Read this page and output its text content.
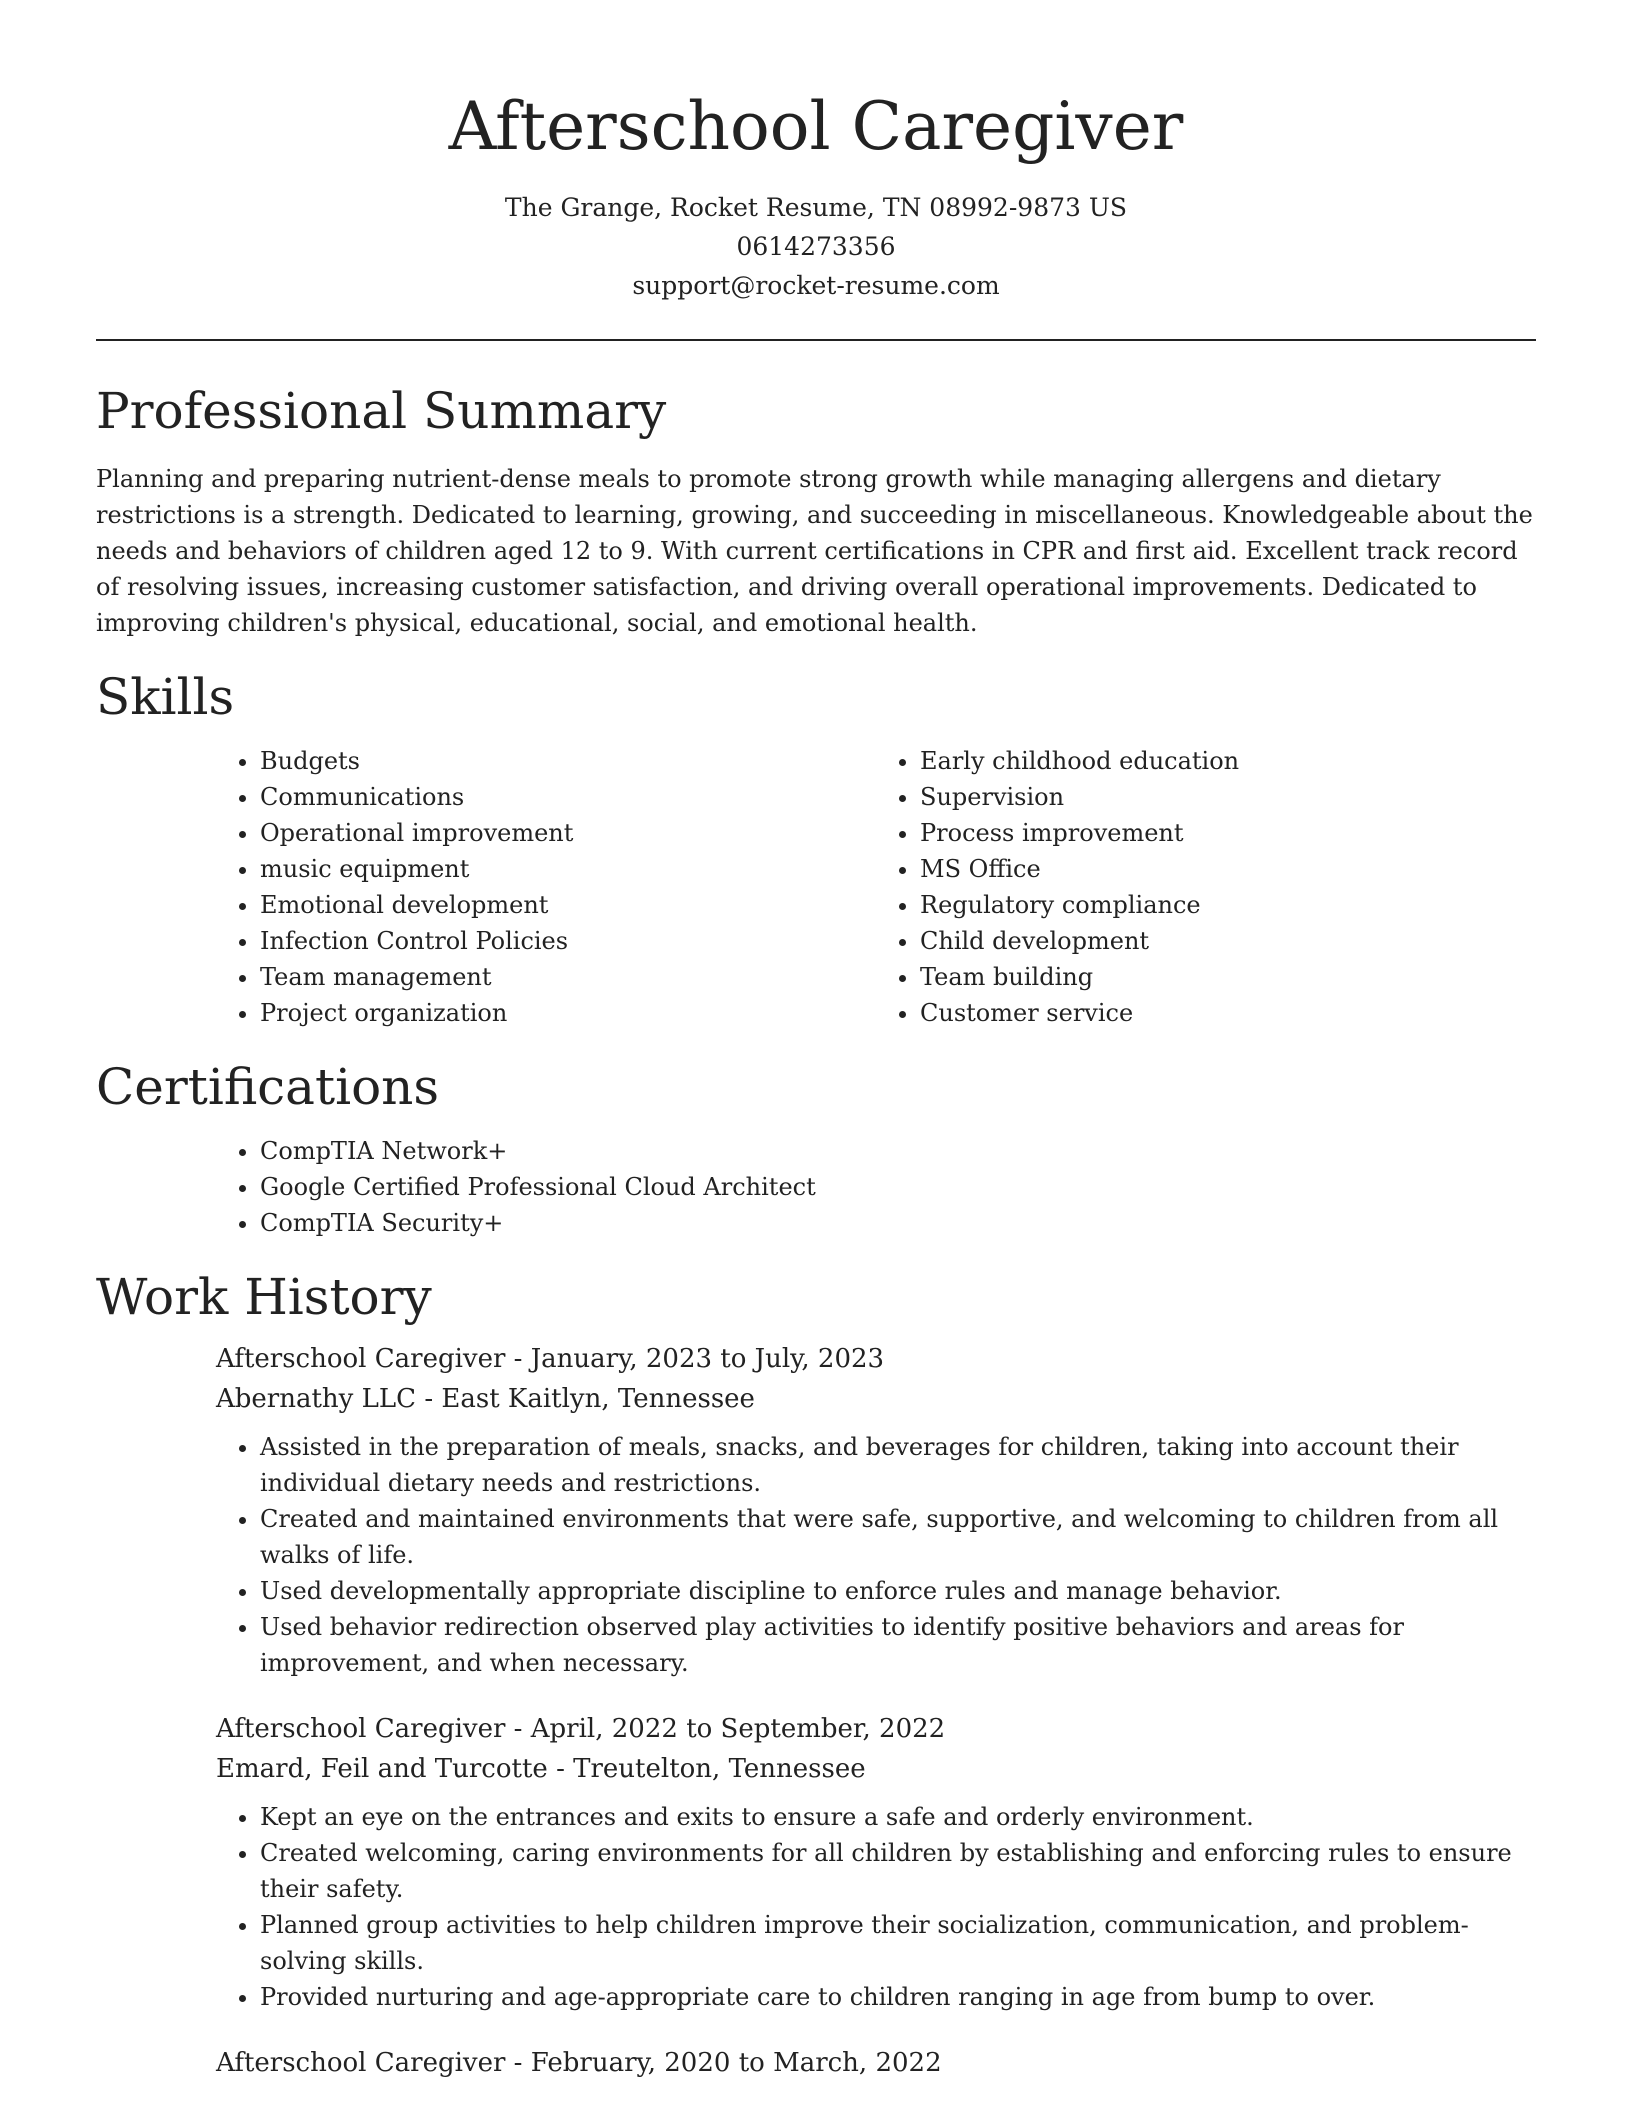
Afterschool Caregiver
The Grange, Rocket Resume, TN 08992-9873 US
0614273356
support@rocket-resume.com
Professional Summary

Planning and preparing nutrient-dense meals to promote strong growth while managing allergens and dietary restrictions is a strength. Dedicated to learning, growing, and succeeding in miscellaneous. Knowledgeable about the needs and behaviors of children aged 12 to 9. With current certifications in CPR and first aid. Excellent track record of resolving issues, increasing customer satisfaction, and driving overall operational improvements. Dedicated to improving children's physical, educational, social, and emotional health.

Skills
• Budgets
• Communications
• Operational improvement
• music equipment
• Emotional development
• Infection Control Policies
• Team management
• Project organization
• Early childhood education
• Supervision
• Process improvement
• MS Office
• Regulatory compliance
• Child development
• Team building
• Customer service
Certifications
• CompTIA Network+
• Google Certified Professional Cloud Architect
• CompTIA Security+
Work History
Afterschool Caregiver - January, 2023 to July, 2023
Abernathy LLC - East Kaitlyn, Tennessee
• Assisted in the preparation of meals, snacks, and beverages for children, taking into account their individual dietary needs and restrictions.
• Created and maintained environments that were safe, supportive, and welcoming to children from all walks of life.
• Used developmentally appropriate discipline to enforce rules and manage behavior.
• Used behavior redirection observed play activities to identify positive behaviors and areas for improvement, and when necessary.
Afterschool Caregiver - April, 2022 to September, 2022
Emard, Feil and Turcotte - Treutelton, Tennessee
• Kept an eye on the entrances and exits to ensure a safe and orderly environment.
• Created welcoming, caring environments for all children by establishing and enforcing rules to ensure their safety.
• Planned group activities to help children improve their socialization, communication, and problem-solving skills.
• Provided nurturing and age-appropriate care to children ranging in age from bump to over.
Afterschool Caregiver - February, 2020 to March, 2022
